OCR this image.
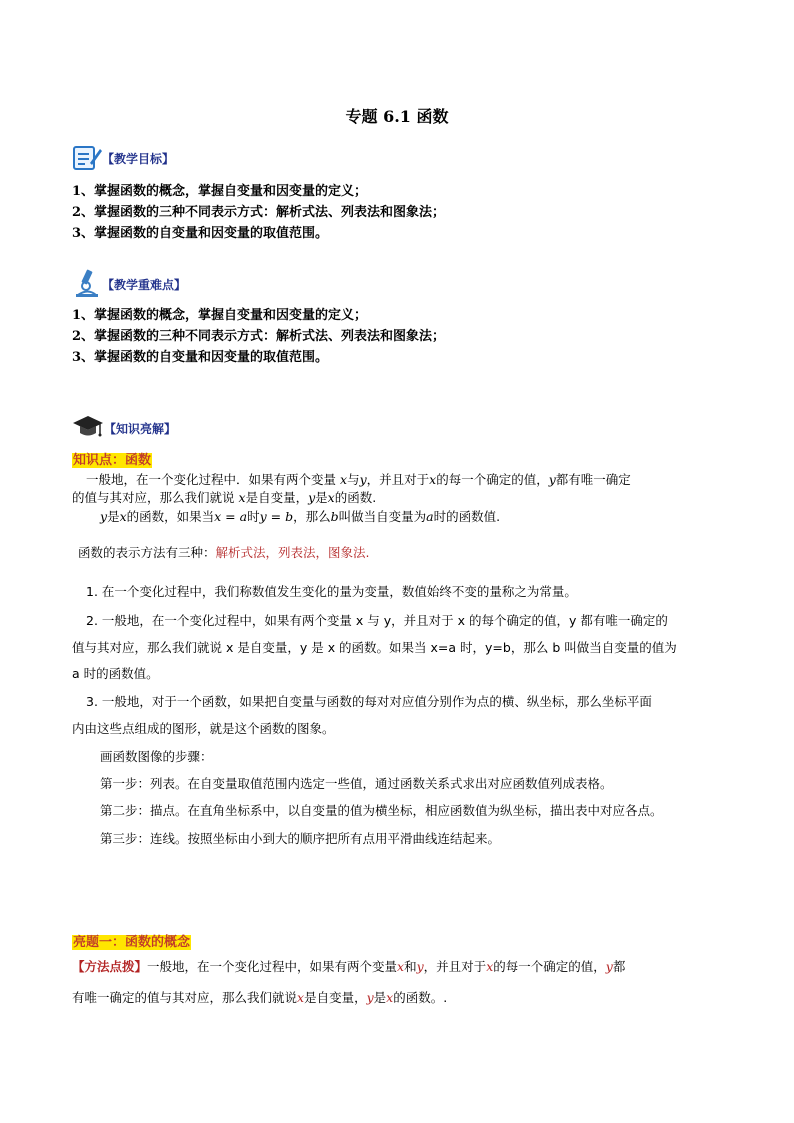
专题 6.1 函数
【教学目标】
1、掌握函数的概念，掌握自变量和因变量的定义；
2、掌握函数的三种不同表示方式：解析式法、列表法和图象法；
3、掌握函数的自变量和因变量的取值范围。
【教学重难点】
1、掌握函数的概念，掌握自变量和因变量的定义；
2、掌握函数的三种不同表示方式：解析式法、列表法和图象法；
3、掌握函数的自变量和因变量的取值范围。
【知识亮解】
知识点：函数
一般地，在一个变化过程中．如果有两个变量 x与y，并且对于x的每一个确定的值，y都有唯一确定
的值与其对应，那么我们就说 x是自变量，y是x的函数.
y是x的函数，如果当x = a时y = b，那么b叫做当自变量为a时的函数值.
函数的表示方法有三种：解析式法，列表法，图象法.
1. 在一个变化过程中，我们称数值发生变化的量为变量，数值始终不变的量称之为常量。
2. 一般地，在一个变化过程中，如果有两个变量 x 与 y，并且对于 x 的每个确定的值，y 都有唯一确定的
值与其对应，那么我们就说 x 是自变量，y 是 x 的函数。如果当 x=a 时，y=b，那么 b 叫做当自变量的值为
a 时的函数值。
3. 一般地，对于一个函数，如果把自变量与函数的每对对应值分别作为点的横、纵坐标，那么坐标平面
内由这些点组成的图形，就是这个函数的图象。
画函数图像的步骤：
第一步：列表。在自变量取值范围内选定一些值，通过函数关系式求出对应函数值列成表格。
第二步：描点。在直角坐标系中，以自变量的值为横坐标，相应函数值为纵坐标，描出表中对应各点。
第三步：连线。按照坐标由小到大的顺序把所有点用平滑曲线连结起来。
亮题一：函数的概念
【方法点拨】一般地，在一个变化过程中，如果有两个变量x和y，并且对于x的每一个确定的值，y都
有唯一确定的值与其对应，那么我们就说x是自变量，y是x的函数。.
